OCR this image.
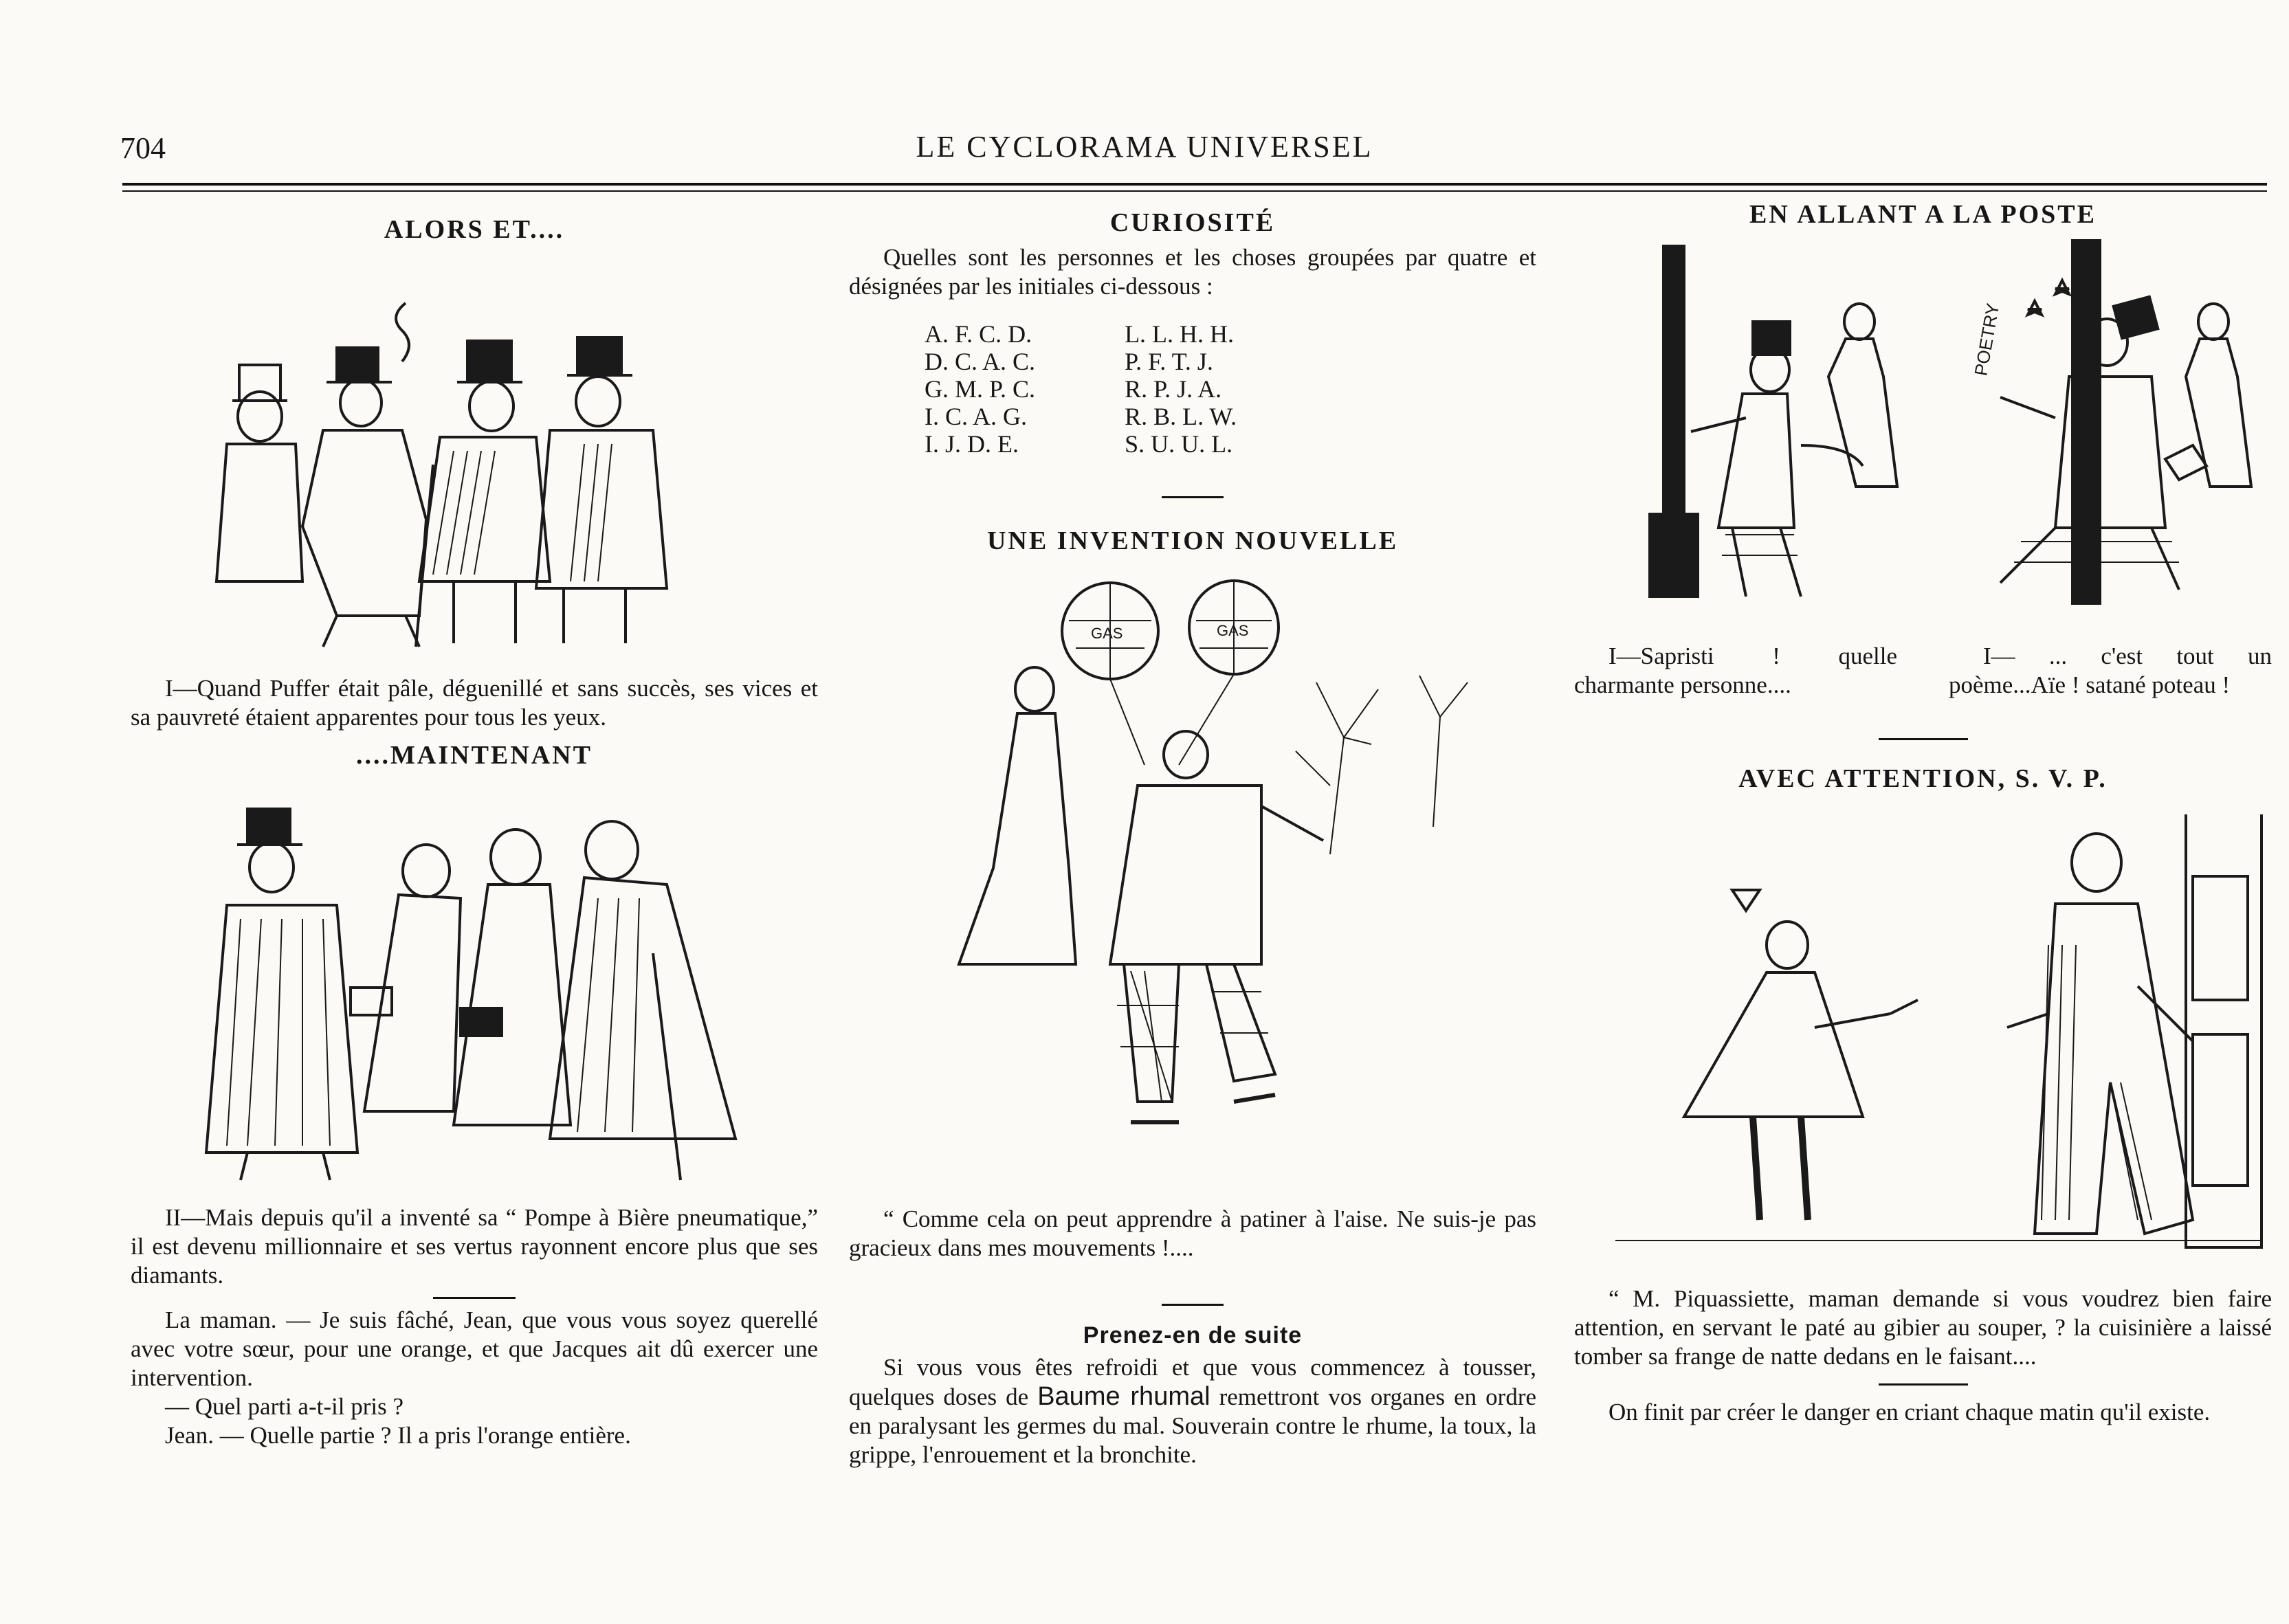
704	LE CYCLORAMA UNIVERSEL
ALORS ET....

I—Quand Puffer était pâle, déguenillé et sans succès, ses vices et sa pauvreté étaient apparentes pour tous les yeux.

....MAINTENANT

II—Mais depuis qu'il a inventé sa “ Pompe à Bière pneumatique,” il est devenu millionnaire et ses vertus rayonnent encore plus que ses diamants.

La maman. — Je suis fâché, Jean, que vous vous soyez querellé avec votre sœur, pour une orange, et que Jacques ait dû exercer une intervention.

— Quel parti a-t-il pris ?

Jean. — Quelle partie ? Il a pris l'orange entière.

CURIOSITÉ

Quelles sont les personnes et les choses groupées par quatre et désignées par les initiales ci-dessous :

A. F. C. D.
D. C. A. C.
G. M. P. C.
I. C. A. G.
I. J. D. E.
L. L. H. H.
P. F. T. J.
R. P. J. A.
R. B. L. W.
S. U. U. L.
UNE INVENTION NOUVELLE
GAS	GAS

“ Comme cela on peut apprendre à patiner à l'aise. Ne suis-je pas gracieux dans mes mouvements !....

Prenez-en de suite

Si vous vous êtes refroidi et que vous commencez à tousser, quelques doses de Baume rhumal remettront vos organes en ordre en paralysant les germes du mal. Souverain contre le rhume, la toux, la grippe, l'enrouement et la bronchite.

EN ALLANT A LA POSTE
POETRY

I—Sapristi ! quelle charmante personne....

I— ... c'est tout un poème...Aïe ! satané poteau !

AVEC ATTENTION, S. V. P.

“ M. Piquassiette, maman demande si vous voudrez bien faire attention, en servant le paté au gibier au souper, ? la cuisinière a laissé tomber sa frange de natte dedans en le faisant....

On finit par créer le danger en criant chaque matin qu'il existe.
